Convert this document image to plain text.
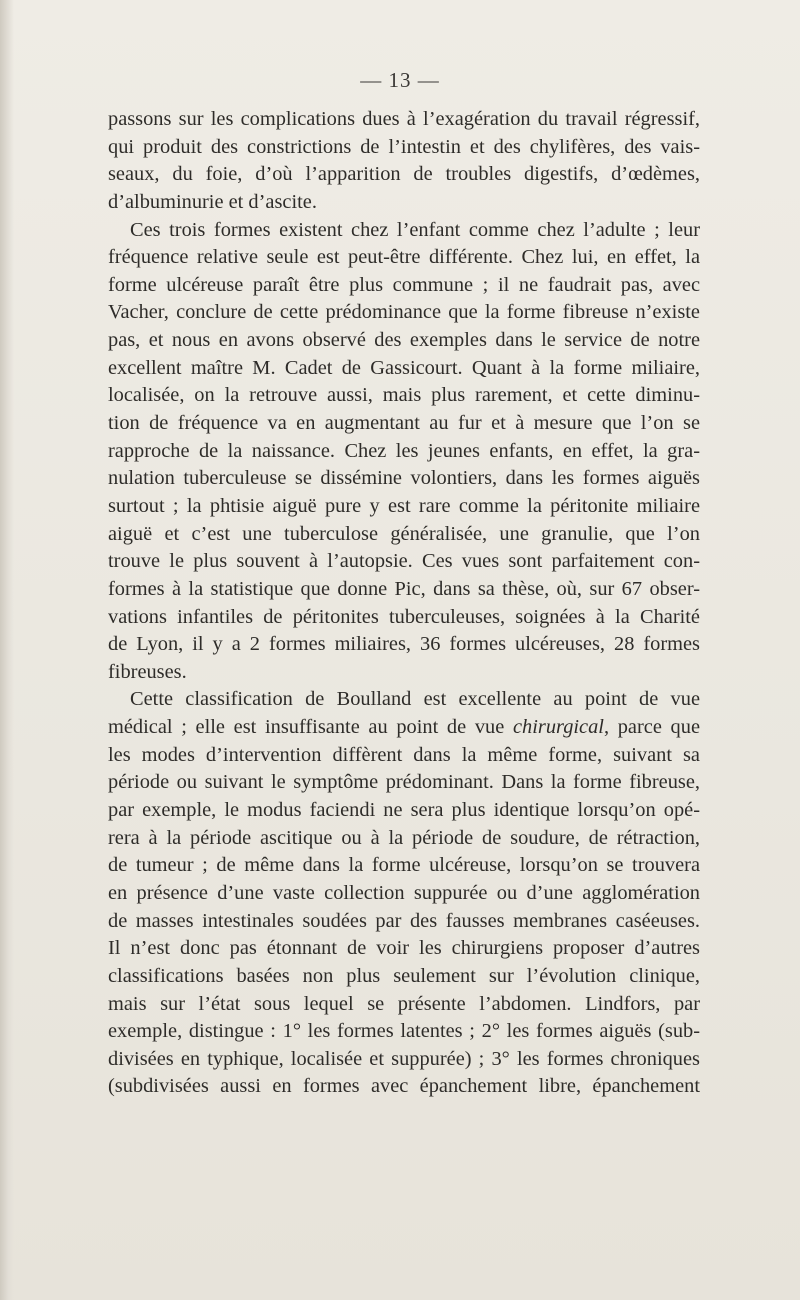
— 13 —
passons sur les complications dues à l’exagération du travail régressif,
qui produit des constrictions de l’intestin et des chylifères, des vais-
seaux, du foie, d’où l’apparition de troubles digestifs, d’œdèmes,
d’albuminurie et d’ascite.
Ces trois formes existent chez l’enfant comme chez l’adulte ; leur
fréquence relative seule est peut-être différente. Chez lui, en effet, la
forme ulcéreuse paraît être plus commune ; il ne faudrait pas, avec
Vacher, conclure de cette prédominance que la forme fibreuse n’existe
pas, et nous en avons observé des exemples dans le service de notre
excellent maître M. Cadet de Gassicourt. Quant à la forme miliaire,
localisée, on la retrouve aussi, mais plus rarement, et cette diminu-
tion de fréquence va en augmentant au fur et à mesure que l’on se
rapproche de la naissance. Chez les jeunes enfants, en effet, la gra-
nulation tuberculeuse se dissémine volontiers, dans les formes aiguës
surtout ; la phtisie aiguë pure y est rare comme la péritonite miliaire
aiguë et c’est une tuberculose généralisée, une granulie, que l’on
trouve le plus souvent à l’autopsie. Ces vues sont parfaitement con-
formes à la statistique que donne Pic, dans sa thèse, où, sur 67 obser-
vations infantiles de péritonites tuberculeuses, soignées à la Charité
de Lyon, il y a 2 formes miliaires, 36 formes ulcéreuses, 28 formes
fibreuses.
Cette classification de Boulland est excellente au point de vue
médical ; elle est insuffisante au point de vue chirurgical, parce que
les modes d’intervention diffèrent dans la même forme, suivant sa
période ou suivant le symptôme prédominant. Dans la forme fibreuse,
par exemple, le modus faciendi ne sera plus identique lorsqu’on opé-
rera à la période ascitique ou à la période de soudure, de rétraction,
de tumeur ; de même dans la forme ulcéreuse, lorsqu’on se trouvera
en présence d’une vaste collection suppurée ou d’une agglomération
de masses intestinales soudées par des fausses membranes caséeuses.
Il n’est donc pas étonnant de voir les chirurgiens proposer d’autres
classifications basées non plus seulement sur l’évolution clinique,
mais sur l’état sous lequel se présente l’abdomen. Lindfors, par
exemple, distingue : 1° les formes latentes ; 2° les formes aiguës (sub-
divisées en typhique, localisée et suppurée) ; 3° les formes chroniques
(subdivisées aussi en formes avec épanchement libre, épanchement
